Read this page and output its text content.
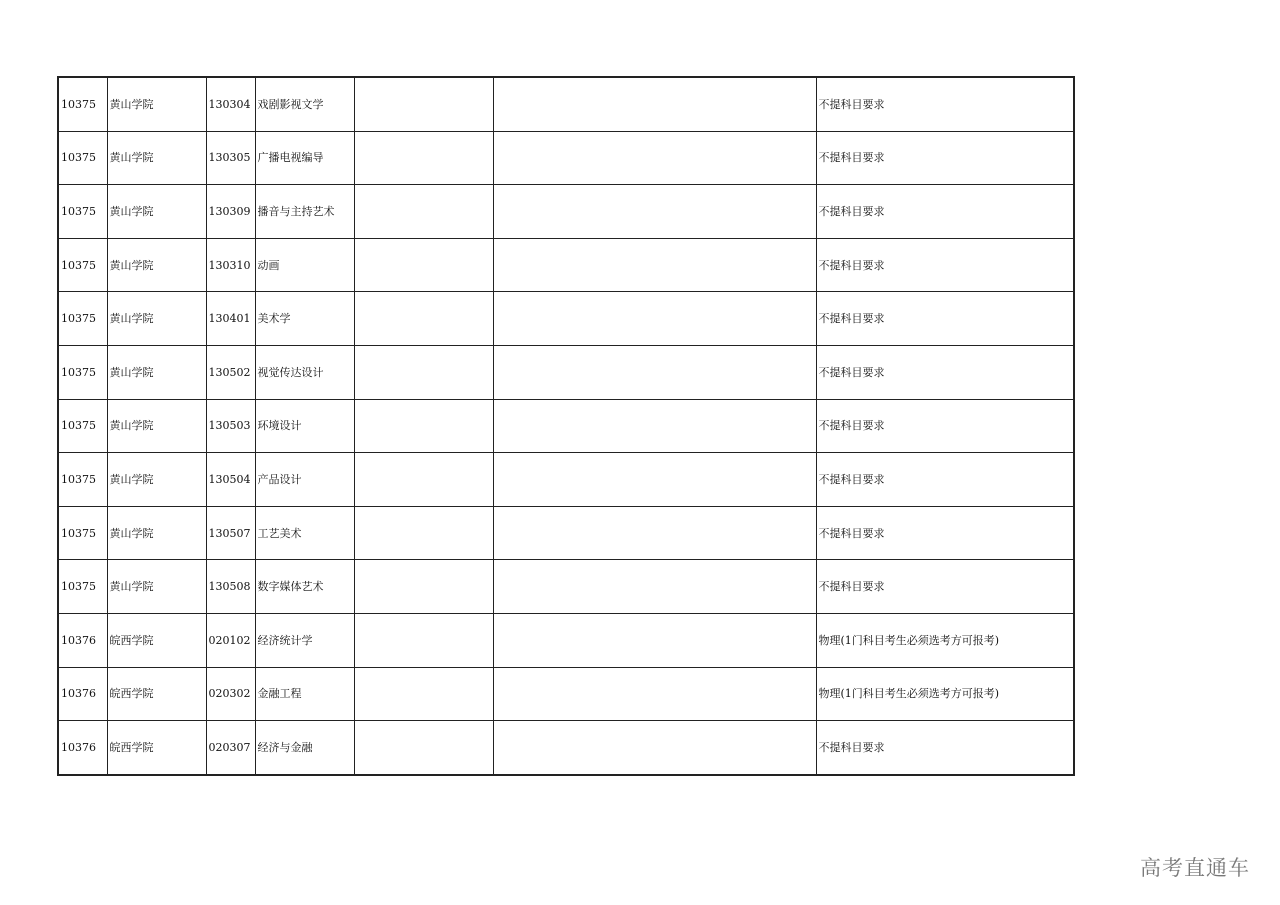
10375	黄山学院	130304	戏剧影视文学			不提科目要求
10375	黄山学院	130305	广播电视编导			不提科目要求
10375	黄山学院	130309	播音与主持艺术			不提科目要求
10375	黄山学院	130310	动画			不提科目要求
10375	黄山学院	130401	美术学			不提科目要求
10375	黄山学院	130502	视觉传达设计			不提科目要求
10375	黄山学院	130503	环境设计			不提科目要求
10375	黄山学院	130504	产品设计			不提科目要求
10375	黄山学院	130507	工艺美术			不提科目要求
10375	黄山学院	130508	数字媒体艺术			不提科目要求
10376	皖西学院	020102	经济统计学			物理(1门科目考生必须选考方可报考)
10376	皖西学院	020302	金融工程			物理(1门科目考生必须选考方可报考)
10376	皖西学院	020307	经济与金融			不提科目要求
高考直通车
